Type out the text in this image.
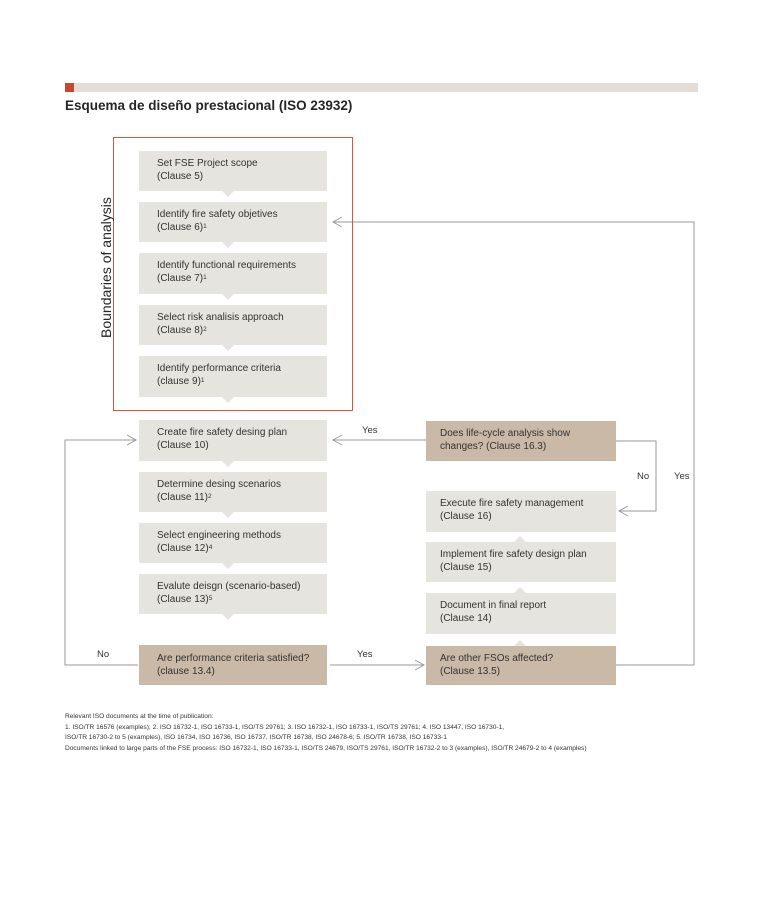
Esquema de diseño prestacional (ISO 23932)
Boundaries of analysis
Set FSE Project scope
(Clause 5)
Identify fire safety objetives
(Clause 6)$^1$
Identify functional requirements
(Clause 7)$^1$
Select risk analisis approach
(Clause 8)$^2$
Identify performance criteria
(clause 9)$^1$
Create fire safety desing plan
(Clause 10)
Determine desing scenarios
(Clause 11)$^2$
Select engineering methods
(Clause 12)$^4$
Evalute deisgn (scenario-based)
(Clause 13)$^5$
Are performance criteria satisfied?
(clause 13.4)
Does life-cycle analysis show
changes? (Clause 16.3)
Execute fire safety management
(Clause 16)
Implement fire safety design plan
(Clause 15)
Document in final report
(Clause 14)
Are other FSOs affected?
(Clause 13.5)
Yes
No	Yes
No	Yes
Relevant ISO documents at the time of publication:
1. ISO/TR 16576 (examples); 2. ISO 16732-1, ISO 16733-1, ISO/TS 29761; 3. ISO 16732-1, ISO 16733-1, ISO/TS 29761; 4. ISO 13447, ISO 16730-1,
ISO/TR 16730-2 to 5 (examples), ISO 16734, ISO 16736, ISO 16737, ISO/TR 16738, ISO 24678-6; 5. ISO/TR 16738, ISO 16733-1
Documents linked to large parts of the FSE process: ISO 16732-1, ISO 16733-1, ISO/TS 24679, ISO/TS 29761, ISO/TR 16732-2 to 3 (examples), ISO/TR 24679-2 to 4 (examples)
